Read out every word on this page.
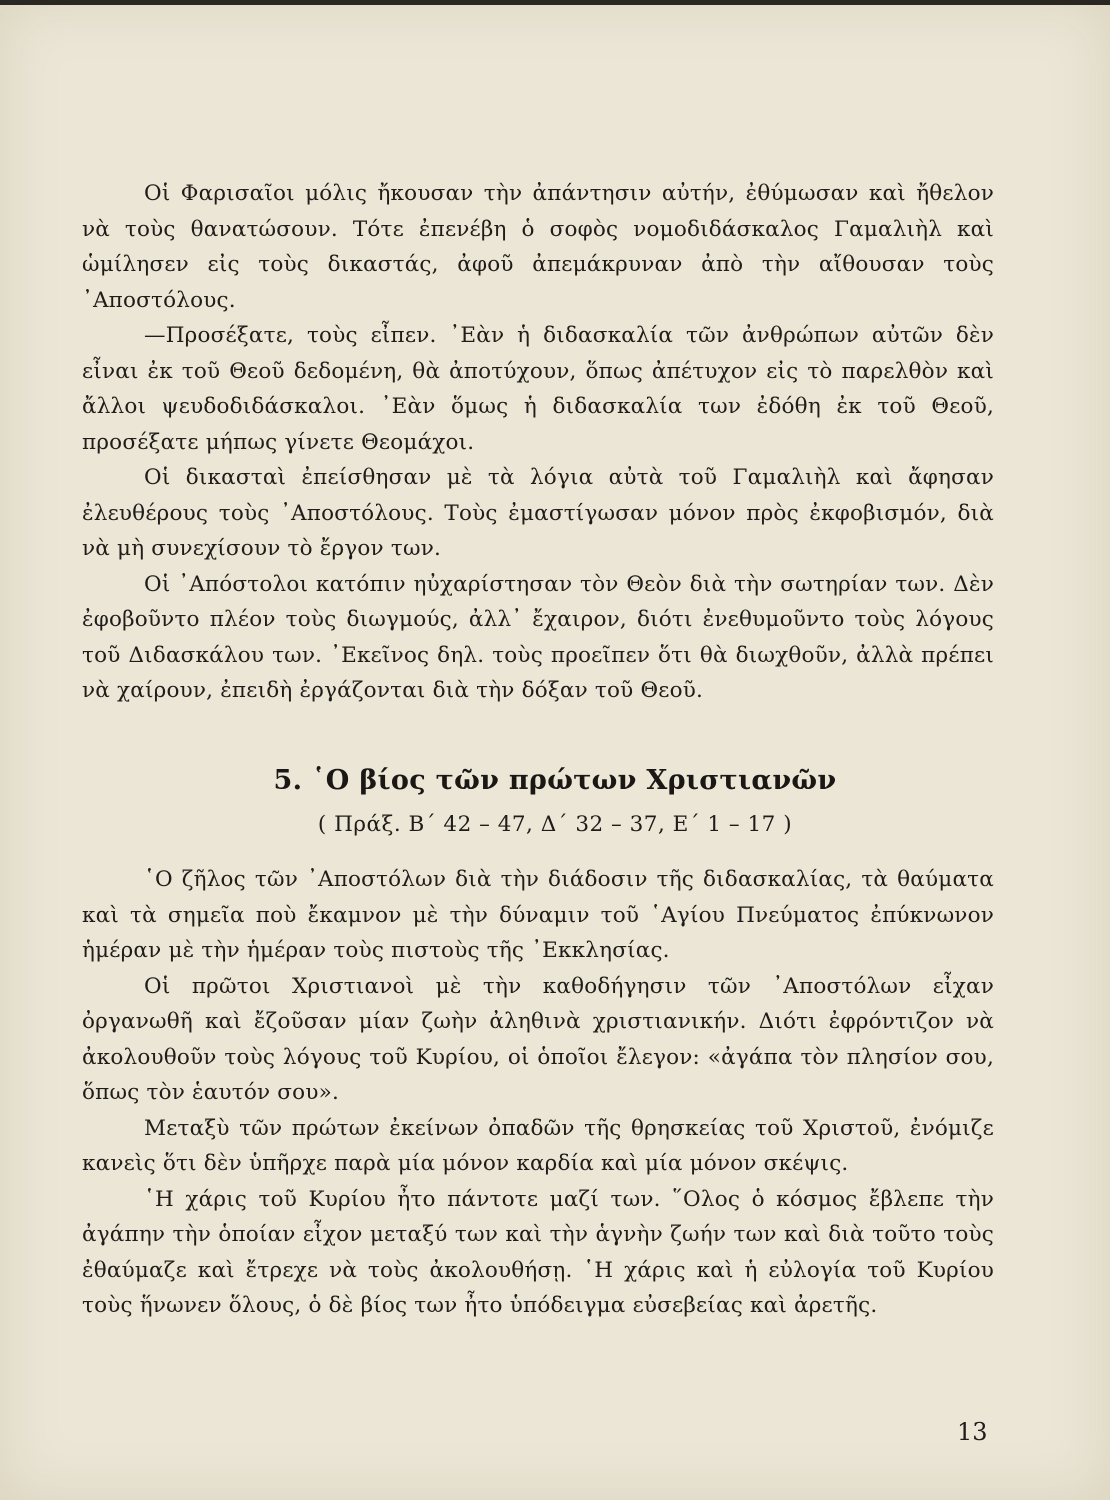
Οἱ Φαρισαῖοι μόλις ἤκουσαν τὴν ἀπάντησιν αὐτήν, ἐθύμωσαν καὶ ἤθελον νὰ τοὺς θανατώσουν. Τότε ἐπενέβη ὁ σοφὸς νομοδιδάσκαλος Γαμαλιὴλ καὶ ὡμίλησεν εἰς τοὺς δικαστάς, ἀφοῦ ἀπεμάκρυναν ἀπὸ τὴν αἴθουσαν τοὺς ᾿Αποστόλους.

—Προσέξατε, τοὺς εἶπεν. ᾿Εὰν ἡ διδασκαλία τῶν ἀνθρώπων αὐτῶν δὲν εἶναι ἐκ τοῦ Θεοῦ δεδομένη, θὰ ἀποτύχουν, ὅπως ἀπέτυχον εἰς τὸ παρελθὸν καὶ ἄλλοι ψευδοδιδάσκαλοι. ᾿Εὰν ὅμως ἡ διδασκαλία των ἐδόθη ἐκ τοῦ Θεοῦ, προσέξατε μήπως γίνετε Θεομάχοι.

Οἱ δικασταὶ ἐπείσθησαν μὲ τὰ λόγια αὐτὰ τοῦ Γαμαλιὴλ καὶ ἄφησαν ἐλευθέρους τοὺς ᾿Αποστόλους. Τοὺς ἐμαστίγωσαν μόνον πρὸς ἐκφοβισμόν, διὰ νὰ μὴ συνεχίσουν τὸ ἔργον των.

Οἱ ᾿Απόστολοι κατόπιν ηὐχαρίστησαν τὸν Θεὸν διὰ τὴν σωτηρίαν των. Δὲν ἐφοβοῦντο πλέον τοὺς διωγμούς, ἀλλ᾿ ἔχαιρον, διότι ἐνεθυμοῦντο τοὺς λόγους τοῦ Διδασκάλου των. ᾿Εκεῖνος δηλ. τοὺς προεῖπεν ὅτι θὰ διωχθοῦν, ἀλλὰ πρέπει νὰ χαίρουν, ἐπειδὴ ἐργάζονται διὰ τὴν δόξαν τοῦ Θεοῦ.

5. ῾Ο βίος τῶν πρώτων Χριστιανῶν
( Πράξ. Β΄ 42 – 47, Δ΄ 32 – 37, Ε΄ 1 – 17 )

῾Ο ζῆλος τῶν ᾿Αποστόλων διὰ τὴν διάδοσιν τῆς διδασκαλίας, τὰ θαύματα καὶ τὰ σημεῖα ποὺ ἔκαμνον μὲ τὴν δύναμιν τοῦ ῾Αγίου Πνεύματος ἐπύκνωνον ἡμέραν μὲ τὴν ἡμέραν τοὺς πιστοὺς τῆς ᾿Εκκλησίας.

Οἱ πρῶτοι Χριστιανοὶ μὲ τὴν καθοδήγησιν τῶν ᾿Αποστόλων εἶχαν ὀργανωθῆ καὶ ἔζοῦσαν μίαν ζωὴν ἀληθινὰ χριστιανικήν. Διότι ἐφρόντιζον νὰ ἀκολουθοῦν τοὺς λόγους τοῦ Κυρίου, οἱ ὁποῖοι ἔλεγον: «ἀγάπα τὸν πλησίον σου, ὅπως τὸν ἑαυτόν σου».

Μεταξὺ τῶν πρώτων ἐκείνων ὀπαδῶν τῆς θρησκείας τοῦ Χριστοῦ, ἐνόμιζε κανεὶς ὅτι δὲν ὑπῆρχε παρὰ μία μόνον καρδία καὶ μία μόνον σκέψις.

῾Η χάρις τοῦ Κυρίου ἦτο πάντοτε μαζί των. ῞Ολος ὁ κόσμος ἔβλεπε τὴν ἀγάπην τὴν ὁποίαν εἶχον μεταξύ των καὶ τὴν ἁγνὴν ζωήν των καὶ διὰ τοῦτο τοὺς ἐθαύμαζε καὶ ἔτρεχε νὰ τοὺς ἀκολουθήσῃ. ῾Η χάρις καὶ ἡ εὐλογία τοῦ Κυρίου τοὺς ἥνωνεν ὅλους, ὁ δὲ βίος των ἦτο ὑπόδειγμα εὐσεβείας καὶ ἀρετῆς.

13
